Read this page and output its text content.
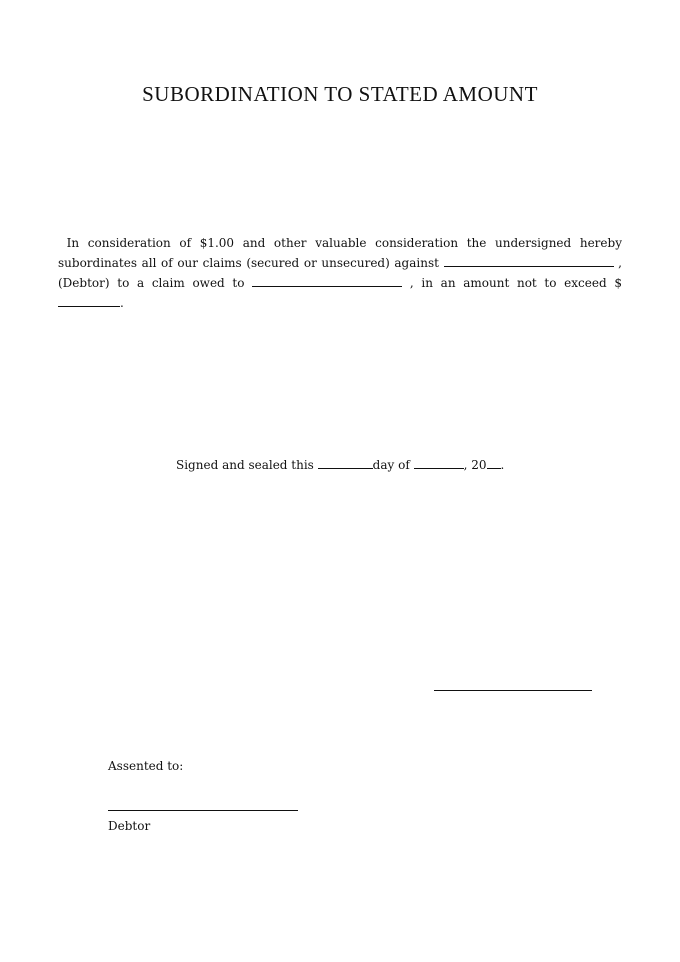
SUBORDINATION TO STATED AMOUNT
In consideration of $1.00 and other valuable consideration the undersigned hereby subordinates all of our claims (secured or unsecured) against	, (Debtor) to a claim owed to	, in an amount not to exceed $ .
Signed and sealed this	day of	, 20 .
Assented to:
Debtor
